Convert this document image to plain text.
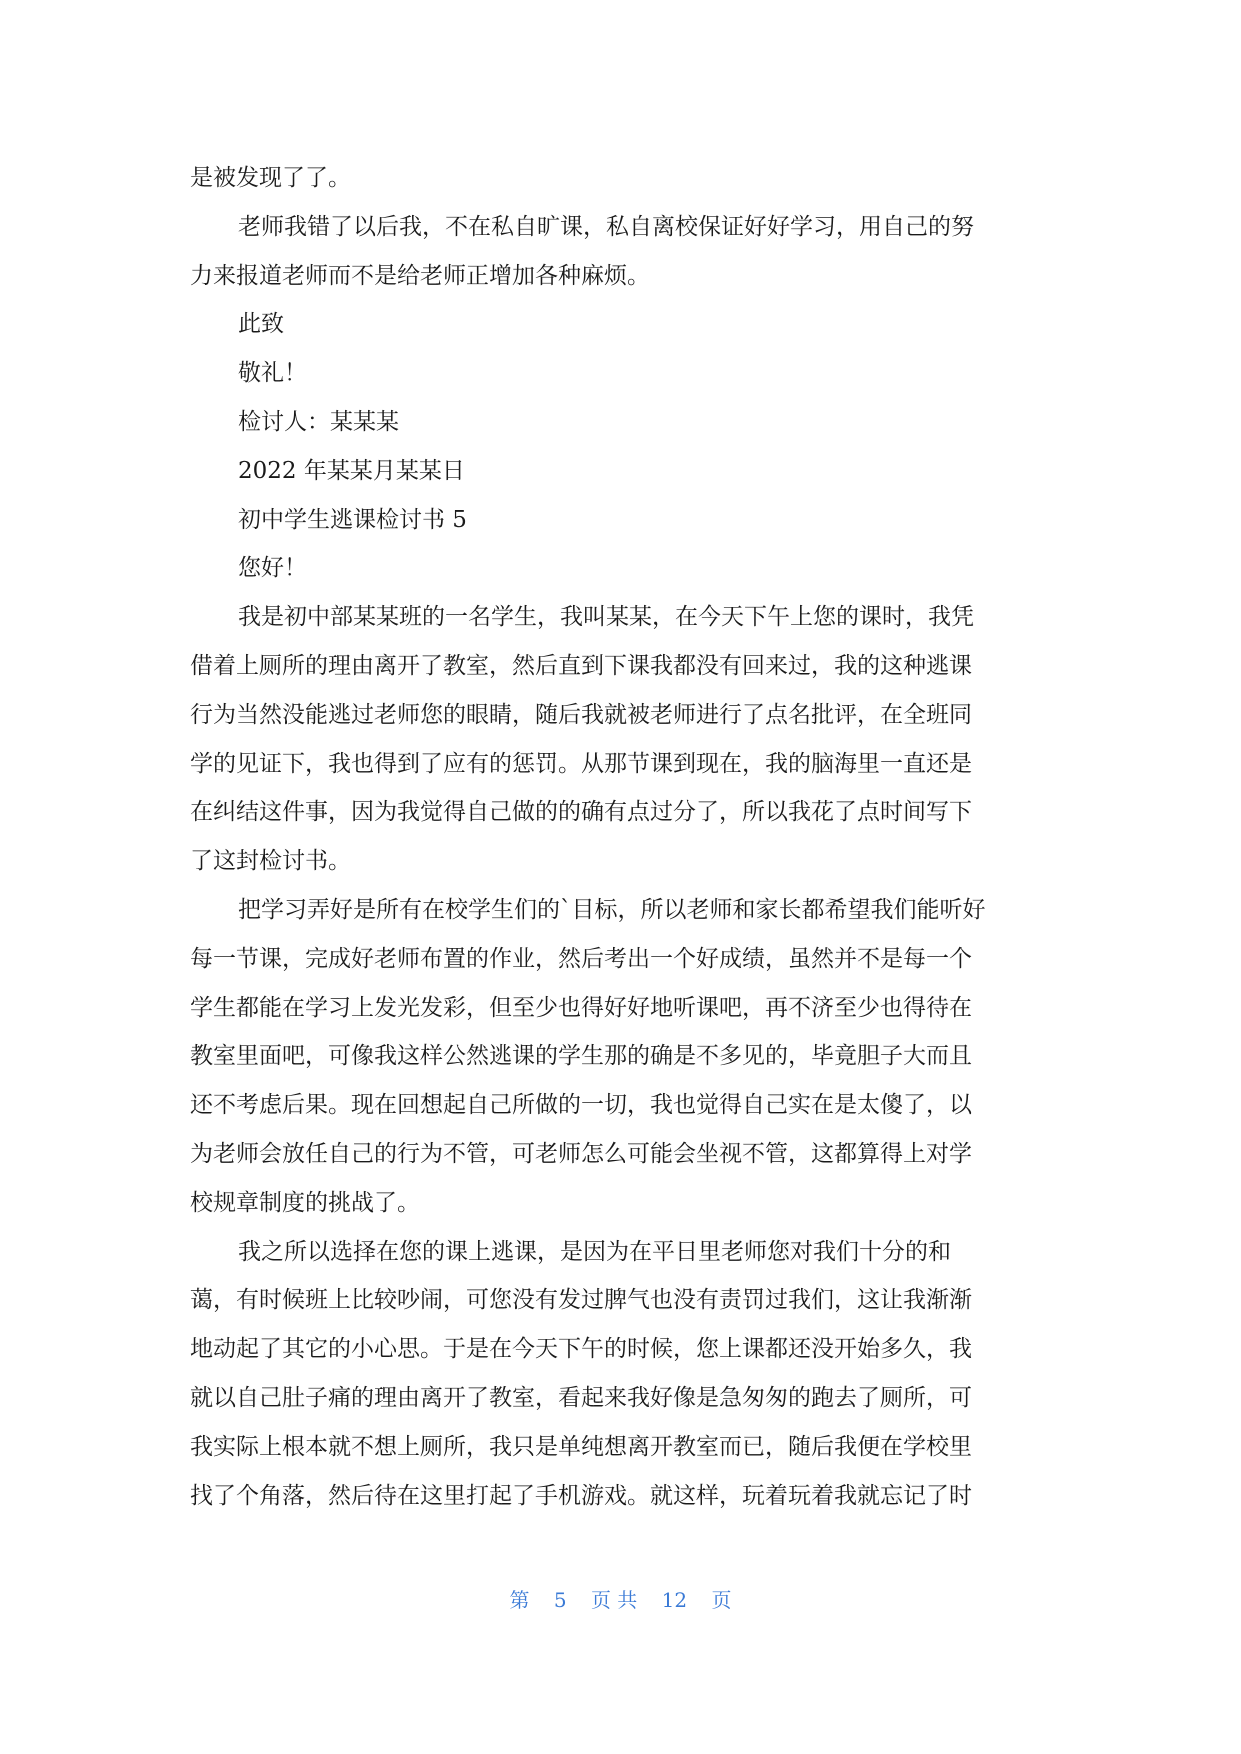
是被发现了了。

老师我错了以后我，不在私自旷课，私自离校保证好好学习，用自己的努

力来报道老师而不是给老师正增加各种麻烦。

此致

敬礼！

检讨人：某某某

2022 年某某月某某日

初中学生逃课检讨书 5

您好！

我是初中部某某班的一名学生，我叫某某，在今天下午上您的课时，我凭

借着上厕所的理由离开了教室，然后直到下课我都没有回来过，我的这种逃课

行为当然没能逃过老师您的眼睛，随后我就被老师进行了点名批评，在全班同

学的见证下，我也得到了应有的惩罚。从那节课到现在，我的脑海里一直还是

在纠结这件事，因为我觉得自己做的的确有点过分了，所以我花了点时间写下

了这封检讨书。

把学习弄好是所有在校学生们的`目标，所以老师和家长都希望我们能听好

每一节课，完成好老师布置的作业，然后考出一个好成绩，虽然并不是每一个

学生都能在学习上发光发彩，但至少也得好好地听课吧，再不济至少也得待在

教室里面吧，可像我这样公然逃课的学生那的确是不多见的，毕竟胆子大而且

还不考虑后果。现在回想起自己所做的一切，我也觉得自己实在是太傻了，以

为老师会放任自己的行为不管，可老师怎么可能会坐视不管，这都算得上对学

校规章制度的挑战了。

我之所以选择在您的课上逃课，是因为在平日里老师您对我们十分的和

蔼，有时候班上比较吵闹，可您没有发过脾气也没有责罚过我们，这让我渐渐

地动起了其它的小心思。于是在今天下午的时候，您上课都还没开始多久，我

就以自己肚子痛的理由离开了教室，看起来我好像是急匆匆的跑去了厕所，可

我实际上根本就不想上厕所，我只是单纯想离开教室而已，随后我便在学校里

找了个角落，然后待在这里打起了手机游戏。就这样，玩着玩着我就忘记了时

第 5 页 共 12 页
